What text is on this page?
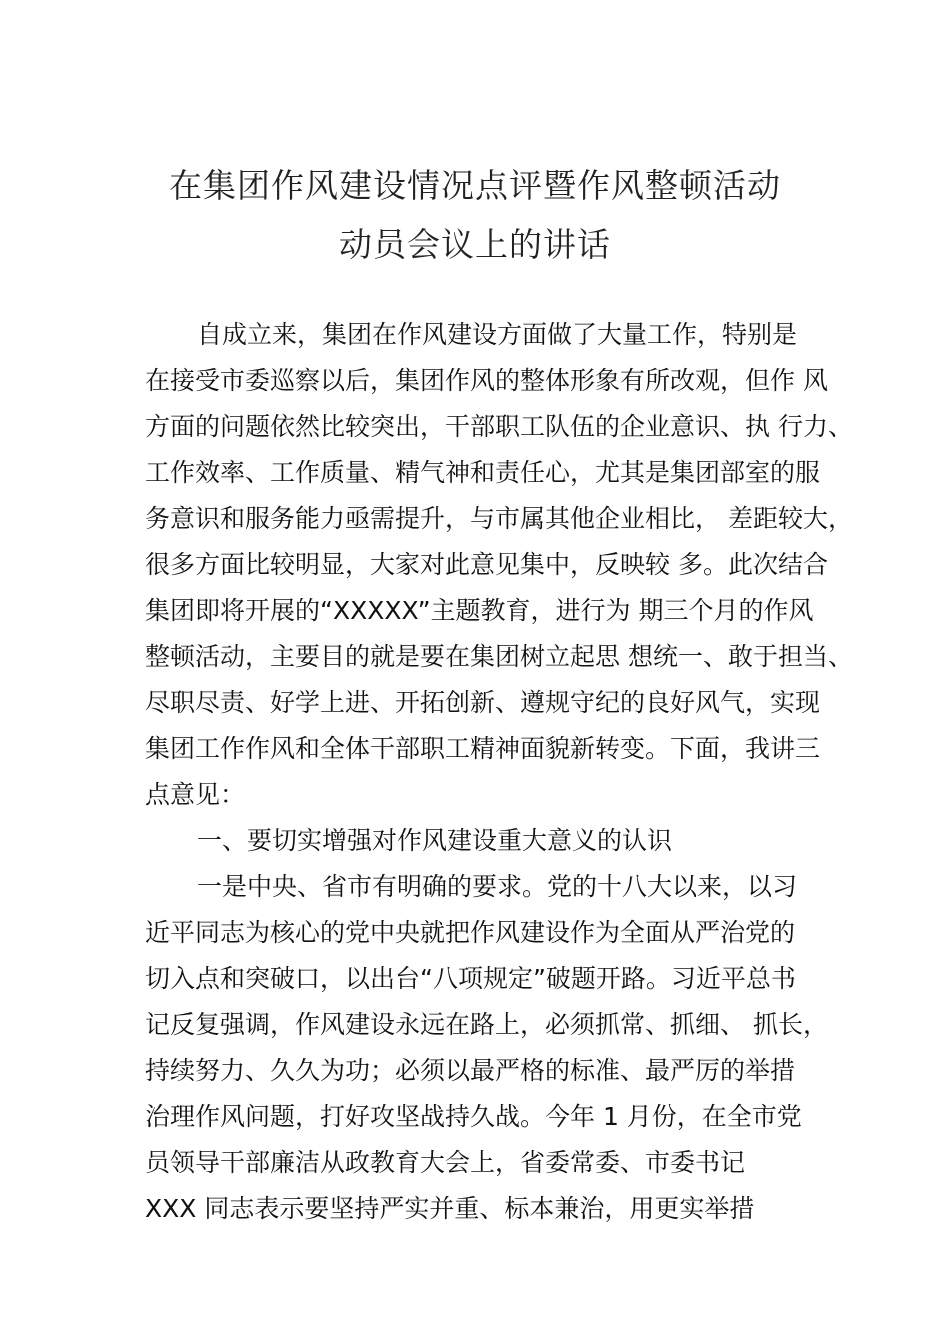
在集团作风建设情况点评暨作风整顿活动
动员会议上的讲话
自成立来，集团在作风建设方面做了大量工作，特别是
在接受市委巡察以后，集团作风的整体形象有所改观，但作 风
方面的问题依然比较突出，干部职工队伍的企业意识、执 行力、
工作效率、工作质量、精气神和责任心，尤其是集团部室的服
务意识和服务能力亟需提升，与市属其他企业相比， 差距较大，
很多方面比较明显，大家对此意见集中，反映较 多。此次结合
集团即将开展的“XXXXX”主题教育，进行为 期三个月的作风
整顿活动，主要目的就是要在集团树立起思 想统一、敢于担当、
尽职尽责、好学上进、开拓创新、遵规守纪的良好风气，实现
集团工作作风和全体干部职工精神面貌新转变。下面，我讲三
点意见：
一、要切实增强对作风建设重大意义的认识
一是中央、省市有明确的要求。党的十八大以来，以习
近平同志为核心的党中央就把作风建设作为全面从严治党的
切入点和突破口，以出台“八项规定”破题开路。习近平总书
记反复强调，作风建设永远在路上，必须抓常、抓细、 抓长，
持续努力、久久为功；必须以最严格的标准、最严厉的举措
治理作风问题，打好攻坚战持久战。今年 1 月份，在全市党
员领导干部廉洁从政教育大会上，省委常委、市委书记
XXX 同志表示要坚持严实并重、标本兼治，用更实举措
